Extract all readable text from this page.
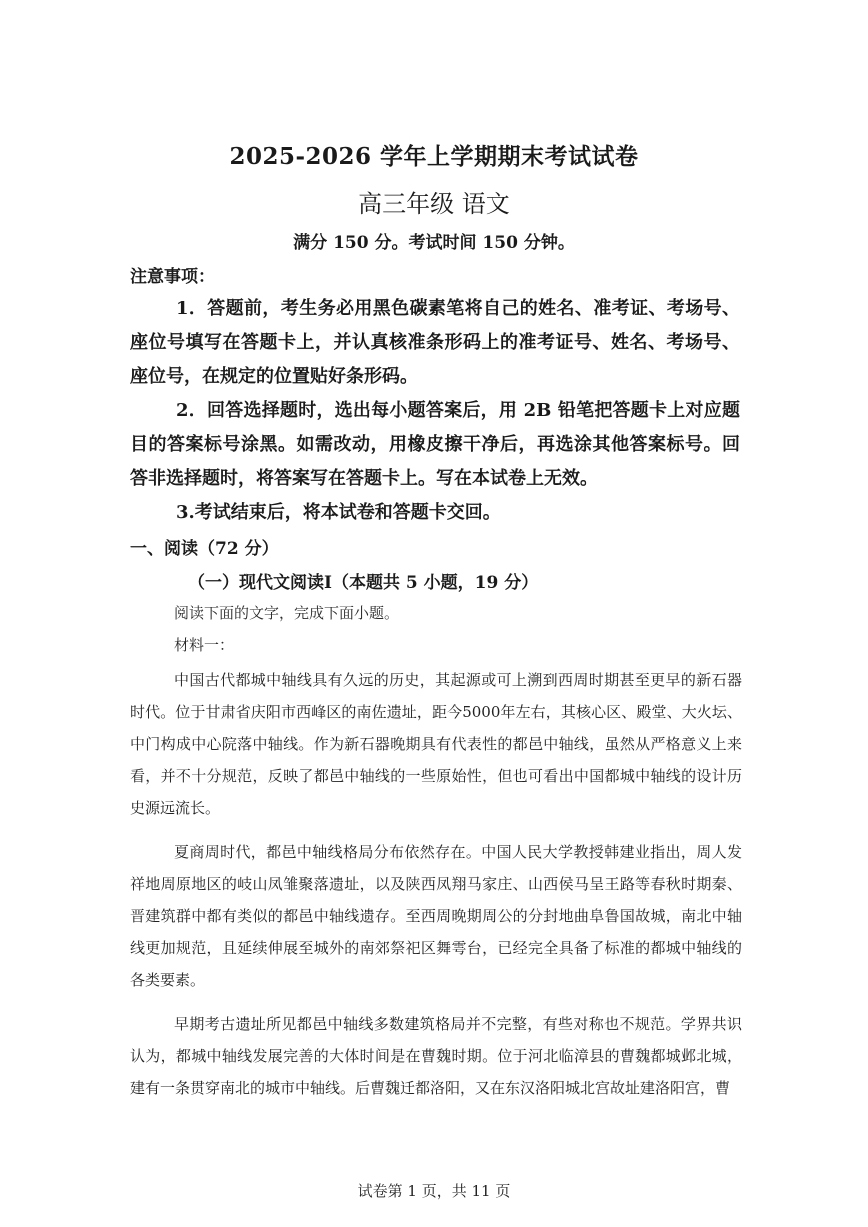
2025-2026 学年上学期期末考试试卷
高三年级 语文
满分 150 分。考试时间 150 分钟。
注意事项：
1．答题前，考生务必用黑色碳素笔将自己的姓名、准考证、考场号、座位号填写在答题卡上，并认真核准条形码上的准考证号、姓名、考场号、座位号，在规定的位置贴好条形码。
2．回答选择题时，选出每小题答案后，用 2B 铅笔把答题卡上对应题目的答案标号涂黑。如需改动，用橡皮擦干净后，再选涂其他答案标号。回答非选择题时，将答案写在答题卡上。写在本试卷上无效。
3.考试结束后，将本试卷和答题卡交回。
一、阅读（72 分）
（一）现代文阅读Ⅰ（本题共 5 小题，19 分）
阅读下面的文字，完成下面小题。
材料一：
中国古代都城中轴线具有久远的历史，其起源或可上溯到西周时期甚至更早的新石器时代。位于甘肃省庆阳市西峰区的南佐遗址，距今5000年左右，其核心区、殿堂、大火坛、中门构成中心院落中轴线。作为新石器晚期具有代表性的都邑中轴线，虽然从严格意义上来看，并不十分规范，反映了都邑中轴线的一些原始性，但也可看出中国都城中轴线的设计历史源远流长。
夏商周时代，都邑中轴线格局分布依然存在。中国人民大学教授韩建业指出，周人发祥地周原地区的岐山凤雏聚落遗址，以及陕西凤翔马家庄、山西侯马呈王路等春秋时期秦、晋建筑群中都有类似的都邑中轴线遗存。至西周晚期周公的分封地曲阜鲁国故城，南北中轴线更加规范，且延续伸展至城外的南郊祭祀区舞雩台，已经完全具备了标准的都城中轴线的各类要素。
早期考古遗址所见都邑中轴线多数建筑格局并不完整，有些对称也不规范。学界共识认为，都城中轴线发展完善的大体时间是在曹魏时期。位于河北临漳县的曹魏都城邺北城，建有一条贯穿南北的城市中轴线。后曹魏迁都洛阳，又在东汉洛阳城北宫故址建洛阳宫，曹
试卷第 1 页，共 11 页
